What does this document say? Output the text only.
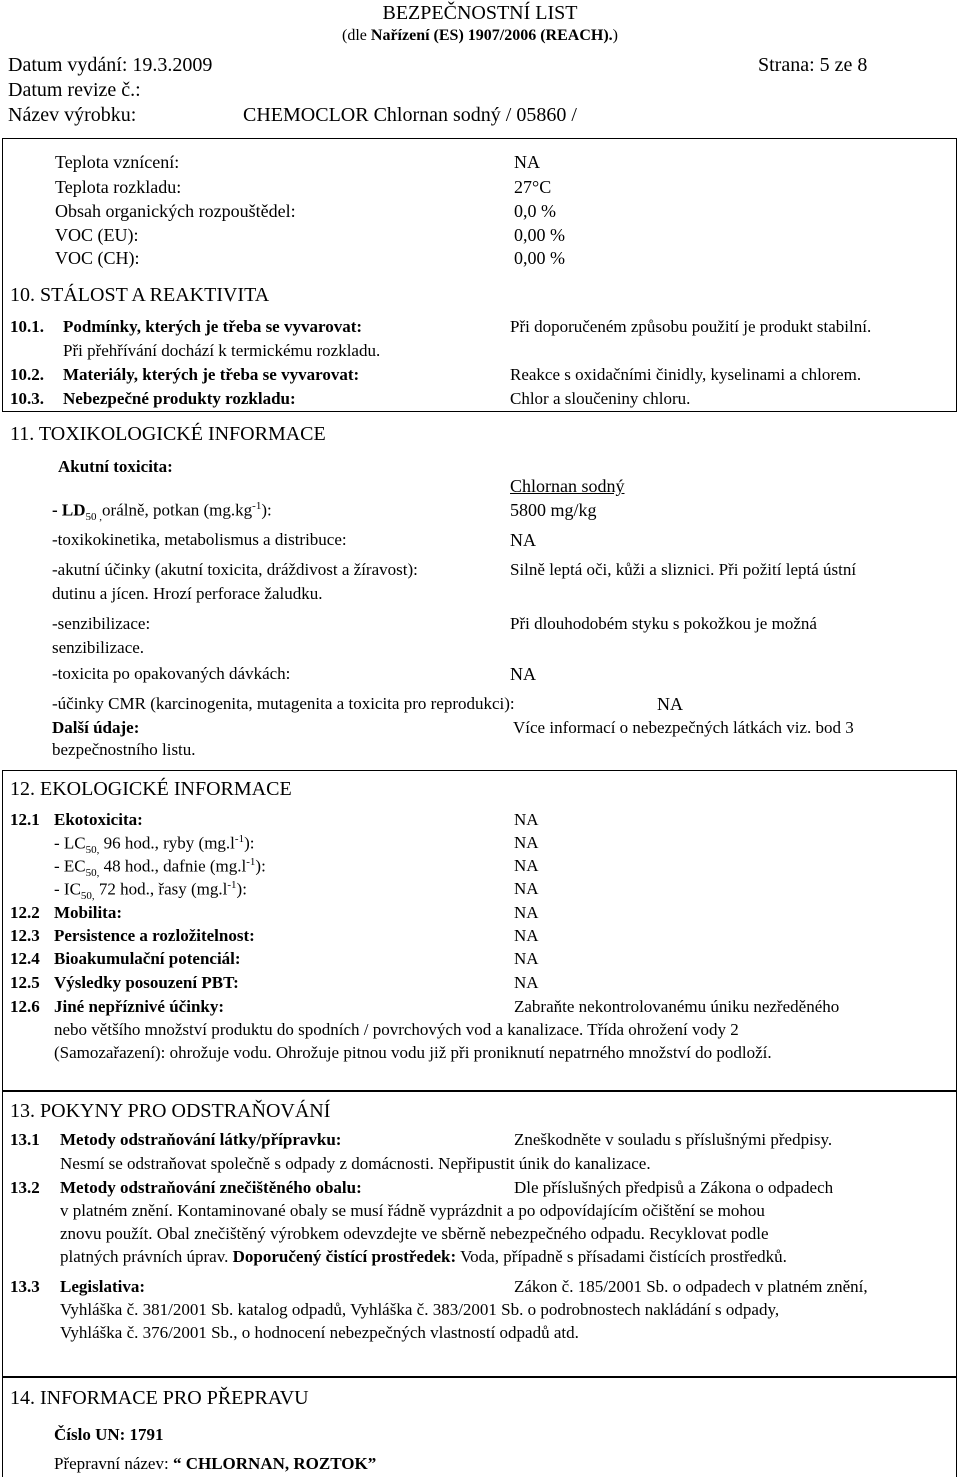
BEZPEČNOSTNÍ LIST
(dle Nařízení (ES) 1907/2006 (REACH).)
Datum vydání: 19.3.2009	Strana: 5 ze 8
Datum revize č.:
Název výrobku:	CHEMOCLOR Chlornan sodný / 05860 /
Teplota vznícení:	NA
Teplota rozkladu:	27°C
Obsah organických rozpouštědel:	0,0 %
VOC (EU):	0,00 %
VOC (CH):	0,00 %
10. STÁLOST A REAKTIVITA
10.1. Podmínky, kterých je třeba se vyvarovat:	Při doporučeném způsobu použití je produkt stabilní.
Při přehřívání dochází k termickému rozkladu.
10.2. Materiály, kterých je třeba se vyvarovat:	Reakce s oxidačními činidly, kyselinami a chlorem.
10.3. Nebezpečné produkty rozkladu:	Chlor a sloučeniny chloru.
11. TOXIKOLOGICKÉ INFORMACE
Akutní toxicita:
Chlornan sodný
- $LD_{50 ,}orá\ln ě$, potkan $(mg.kg^{-1})$:	5800 mg/kg
-toxikokinetika, metabolismus a distribuce:	NA
-akutní účinky (akutní toxicita, dráždivost a žíravost):	Silně leptá oči, kůži a sliznici. Při požití leptá ústní
dutinu a jícen. Hrozí perforace žaludku.
-senzibilizace:	Při dlouhodobém styku s pokožkou je možná
senzibilizace.
-toxicita po opakovaných dávkách:	NA
-účinky CMR (karcinogenita, mutagenita a toxicita pro reprodukci):	NA
Další údaje:	Více informací o nebezpečných látkách viz. bod 3
bezpečnostního listu.
12. EKOLOGICKÉ INFORMACE
12.1 Ekotoxicita:	NA
- $LC_{50,}$ 96 hod., ryby $(mg.l^{-1})$:	NA
- $EC_{50,}$ 48 hod., dafnie $(mg.l^{-1})$:	NA
- $IC_{50,}$ 72 hod., řasy $(mg.l^{-1})$:	NA
12.2 Mobilita:	NA
12.3 Persistence a rozložitelnost:	NA
12.4 Bioakumulační potenciál:	NA
12.5 Výsledky posouzení PBT:	NA
12.6 Jiné nepříznivé účinky:	Zabraňte nekontrolovanému úniku nezředěného
nebo většího množství produktu do spodních / povrchových vod a kanalizace. Třída ohrožení vody 2
(Samozařazení): ohrožuje vodu. Ohrožuje pitnou vodu již při proniknutí nepatrného množství do podloží.
13. POKYNY PRO ODSTRAŇOVÁNÍ
13.1 Metody odstraňování látky/přípravku:	Zneškodněte v souladu s příslušnými předpisy.
Nesmí se odstraňovat společně s odpady z domácnosti. Nepřipustit únik do kanalizace.
13.2 Metody odstraňování znečištěného obalu:	Dle příslušných předpisů a Zákona o odpadech
v platném znění. Kontaminované obaly se musí řádně vyprázdnit a po odpovídajícím očištění se mohou
znovu použít. Obal znečištěný výrobkem odevzdejte ve sběrně nebezpečného odpadu. Recyklovat podle
platných právních úprav. Doporučený čistící prostředek: Voda, případně s přísadami čistících prostředků.
13.3 Legislativa:	Zákon č. 185/2001 Sb. o odpadech v platném znění,
Vyhláška č. 381/2001 Sb. katalog odpadů, Vyhláška č. 383/2001 Sb. o podrobnostech nakládání s odpady,
Vyhláška č. 376/2001 Sb., o hodnocení nebezpečných vlastností odpadů atd.
14. INFORMACE PRO PŘEPRAVU
Číslo UN: 1791
Přepravní název: “ CHLORNAN, ROZTOK”
